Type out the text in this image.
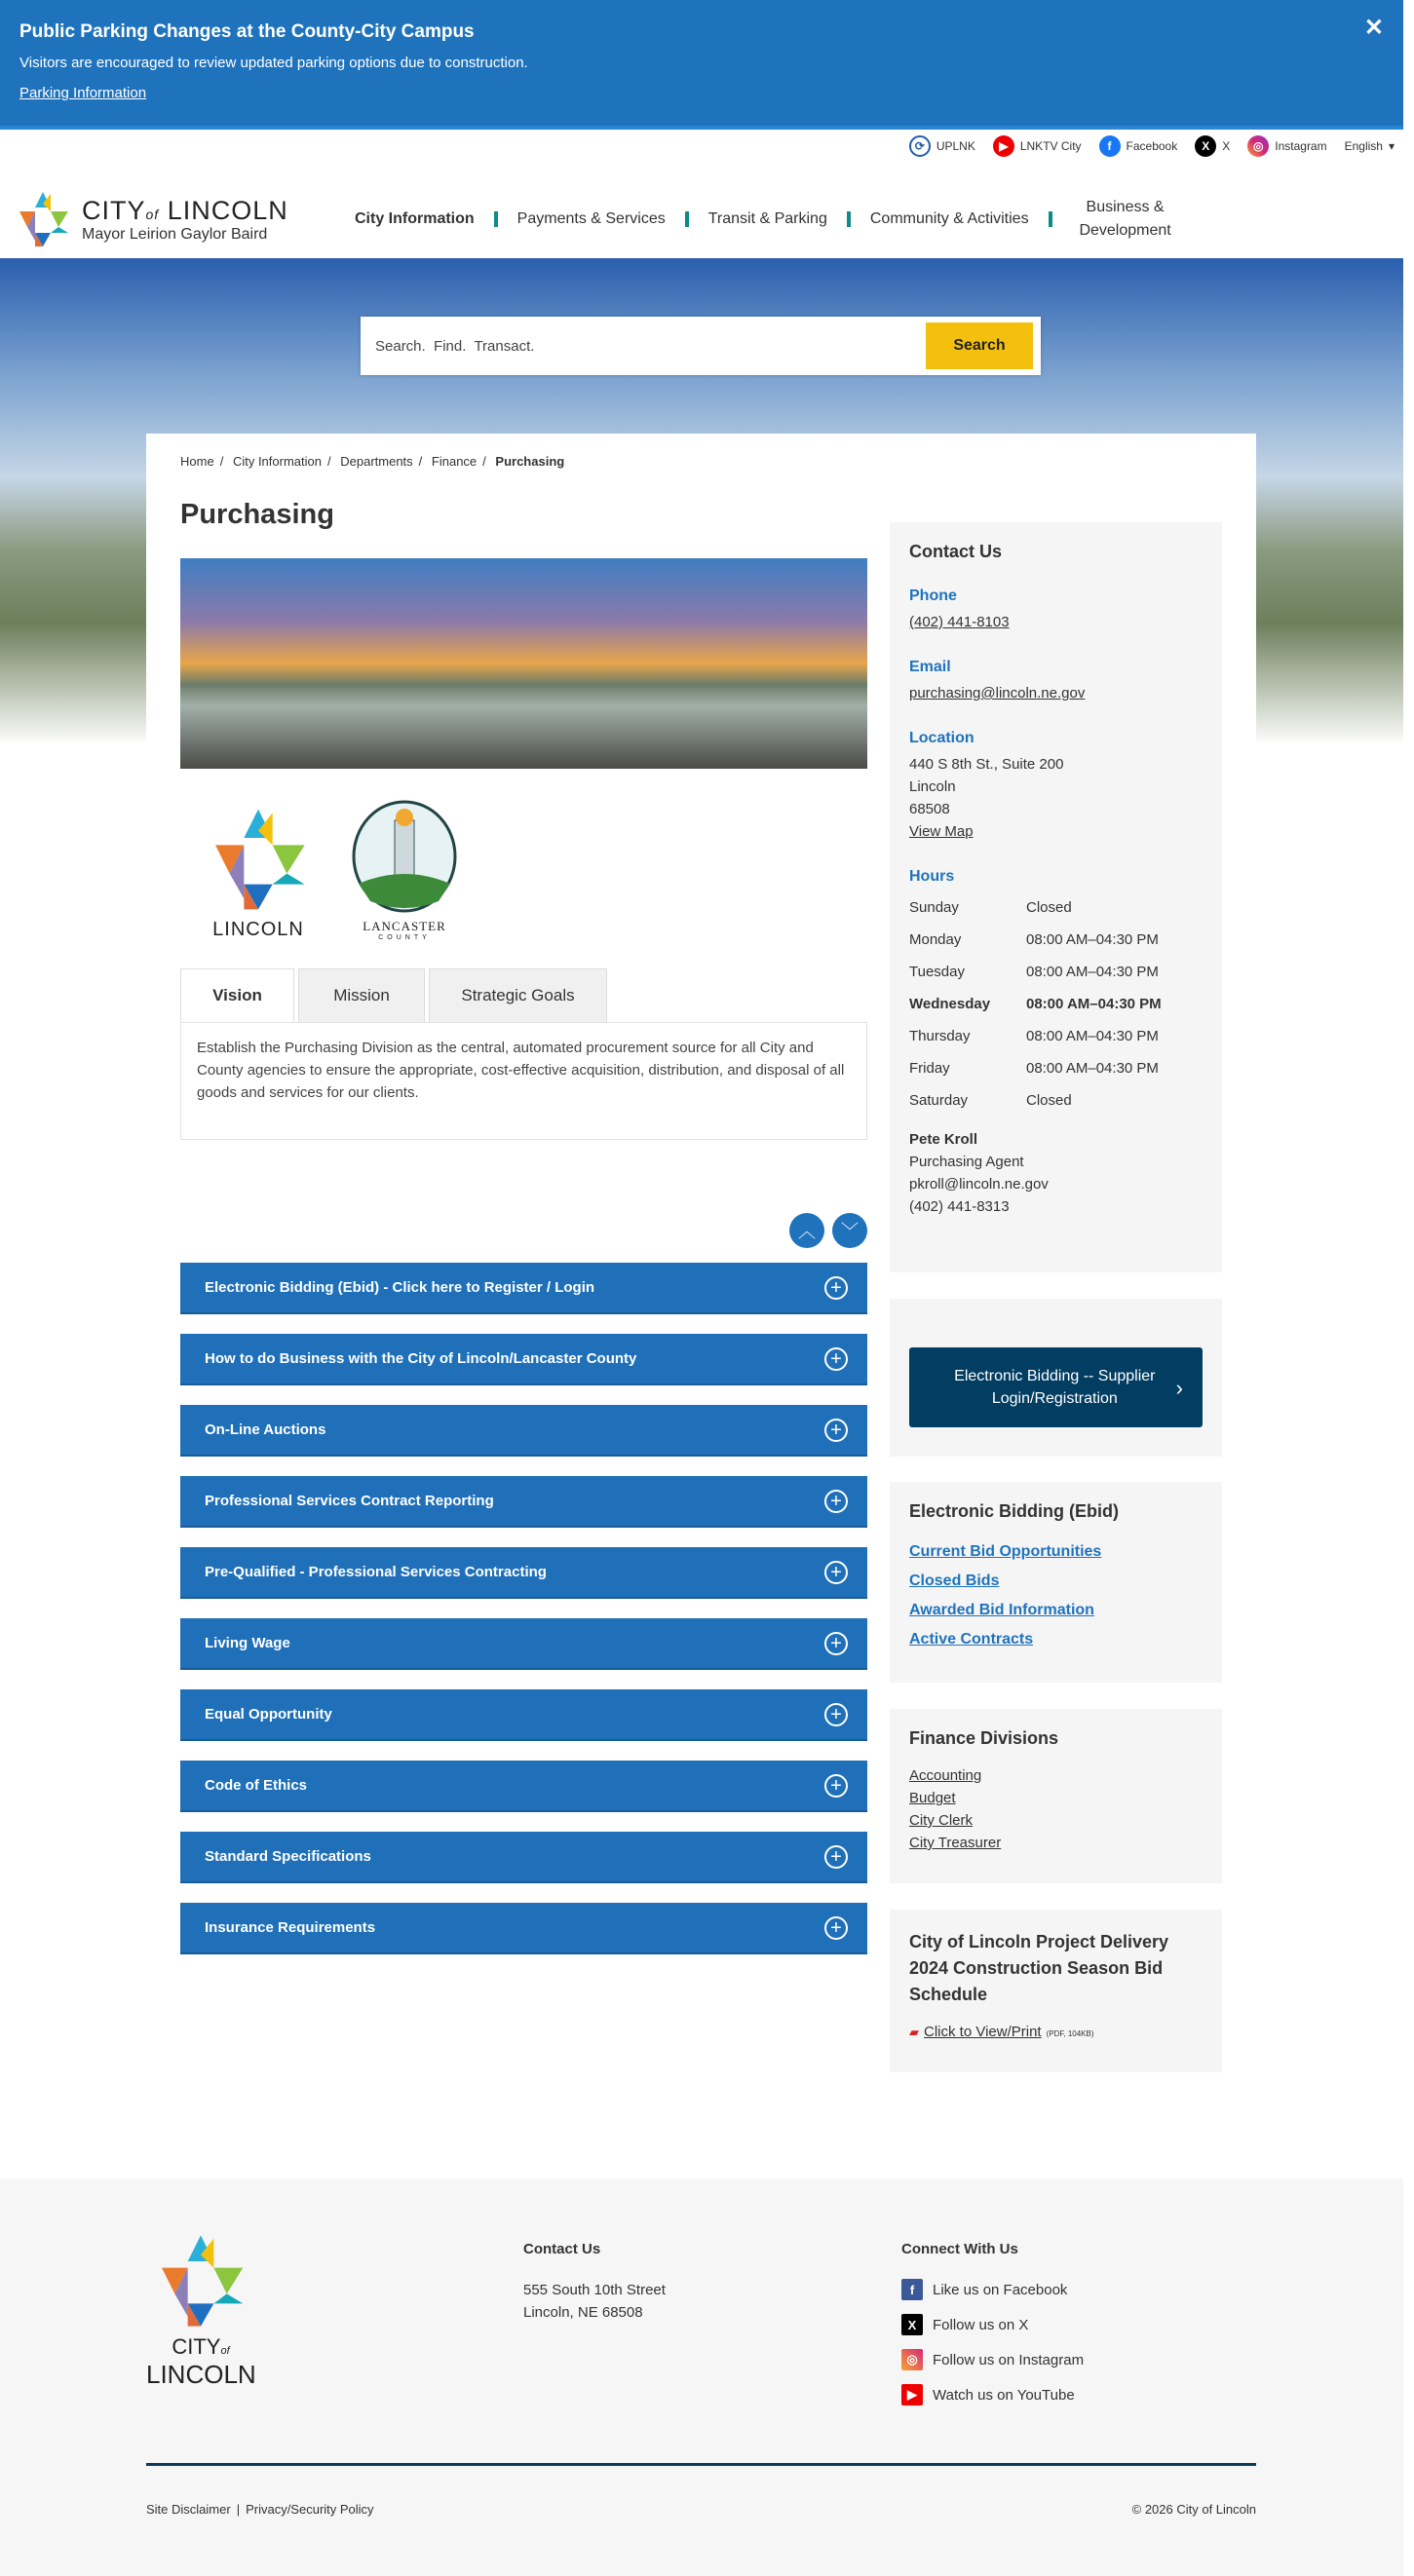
Public Parking Changes at the County-City Campus

Visitors are encouraged to review updated parking options due to construction.

Parking Information
✕
⟳ UPLNK	▶	LNKTV City	f	Facebook	X	X	◎ Instagram English ▾
CITYof LINCOLN
Mayor Leirion Gaylor Baird
City Information	Payments & Services	Transit & Parking	Community & Activities
Business & Development
Search. Find. Transact.
Search
Home / City Information / Departments / Finance / Purchasing
Purchasing
LINCOLN	LANCASTER
COUNTY
Vision	Mission	Strategic Goals
Establish the Purchasing Division as the central, automated procurement source for all City and County agencies to ensure the appropriate, cost-effective acquisition, distribution, and disposal of all goods and services for our clients.
︿	﹀
Electronic Bidding (Ebid) - Click here to Register / Login	+
How to do Business with the City of Lincoln/Lancaster County	+
On-Line Auctions	+
Professional Services Contract Reporting	+
Pre-Qualified - Professional Services Contracting	+
Living Wage	+
Equal Opportunity	+
Code of Ethics	+
Standard Specifications	+
Insurance Requirements	+
Contact Us
Phone
(402) 441-8103
Email
purchasing@lincoln.ne.gov
Location
440 S 8th St., Suite 200
Lincoln
68508
View Map
Hours
Sunday	Closed
Monday	08:00 AM–04:30 PM
Tuesday	08:00 AM–04:30 PM
Wednesday	08:00 AM–04:30 PM
Thursday	08:00 AM–04:30 PM
Friday	08:00 AM–04:30 PM
Saturday	Closed
Pete Kroll
Purchasing Agent
pkroll@lincoln.ne.gov
(402) 441-8313
Electronic Bidding -- Supplier Login/Registration	›
Electronic Bidding (Ebid)
Current Bid Opportunities
Closed Bids
Awarded Bid Information
Active Contracts
Finance Divisions
Accounting
Budget
City Clerk
City Treasurer
City of Lincoln Project Delivery 2024 Construction Season Bid Schedule
▰ Click to View/Print (PDF, 104KB)
CITYof
LINCOLN
Contact Us
555 South 10th Street
Lincoln, NE 68508
Connect With Us
f	Like us on Facebook
X	Follow us on X
◎	Follow us on Instagram
▶	Watch us on YouTube
Site Disclaimer | Privacy/Security Policy	© 2026 City of Lincoln
